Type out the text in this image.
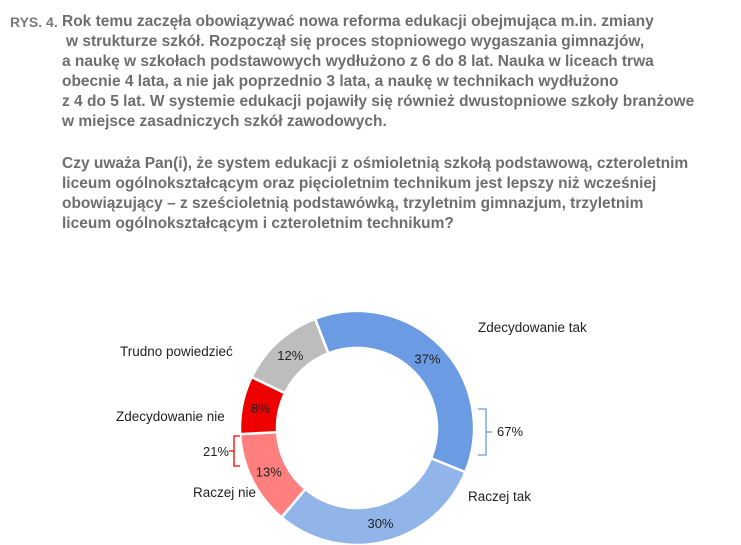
RYS. 4. Rok temu zaczęła obowiązywać nowa reforma edukacji obejmująca m.in. zmiany
w strukturze szkół. Rozpoczął się proces stopniowego wygaszania gimnazjów,
a naukę w szkołach podstawowych wydłużono z 6 do 8 lat. Nauka w liceach trwa
obecnie 4 lata, a nie jak poprzednio 3 lata, a naukę w technikach wydłużono
z 4 do 5 lat. W systemie edukacji pojawiły się również dwustopniowe szkoły branżowe
w miejsce zasadniczych szkół zawodowych.
Czy uważa Pan(i), że system edukacji z ośmioletnią szkołą podstawową, czteroletnim
liceum ogólnokształcącym oraz pięcioletnim technikum jest lepszy niż wcześniej
obowiązujący – z sześcioletnią podstawówką, trzyletnim gimnazjum, trzyletnim
liceum ogólnokształcącym i czteroletnim technikum?
37%
30%
13%
8%
12%
Zdecydowanie tak
Raczej tak
Raczej nie
Zdecydowanie nie
Trudno powiedzieć
67%
21%
